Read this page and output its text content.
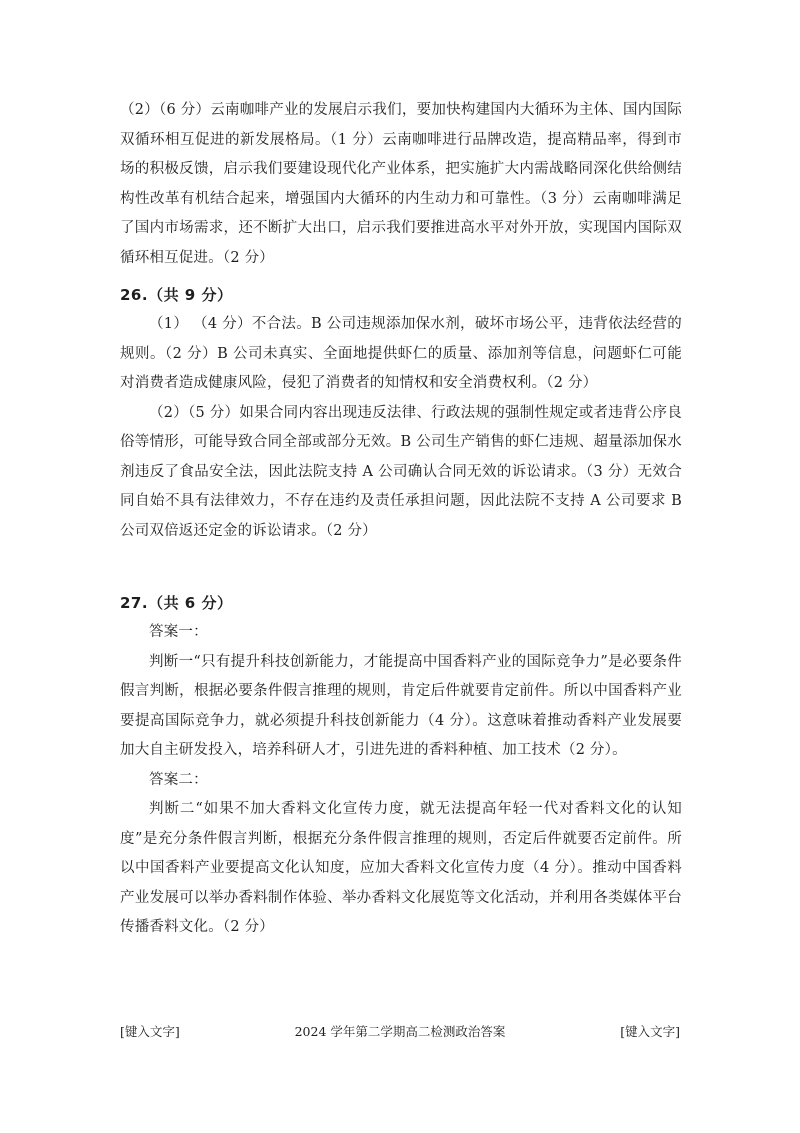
（2）（6 分）云南咖啡产业的发展启示我们，要加快构建国内大循环为主体、国内国际双循环相互促进的新发展格局。（1 分）云南咖啡进行品牌改造，提高精品率，得到市场的积极反馈，启示我们要建设现代化产业体系，把实施扩大内需战略同深化供给侧结构性改革有机结合起来，增强国内大循环的内生动力和可靠性。（3 分）云南咖啡满足了国内市场需求，还不断扩大出口，启示我们要推进高水平对外开放，实现国内国际双循环相互促进。（2 分）

26.（共 9 分）

（1） （4 分）不合法。B 公司违规添加保水剂，破坏市场公平，违背依法经营的规则。（2 分）B 公司未真实、全面地提供虾仁的质量、添加剂等信息，问题虾仁可能对消费者造成健康风险，侵犯了消费者的知情权和安全消费权利。（2 分）

（2）（5 分）如果合同内容出现违反法律、行政法规的强制性规定或者违背公序良俗等情形，可能导致合同全部或部分无效。B 公司生产销售的虾仁违规、超量添加保水剂违反了食品安全法，因此法院支持 A 公司确认合同无效的诉讼请求。（3 分）无效合同自始不具有法律效力，不存在违约及责任承担问题，因此法院不支持 A 公司要求 B 公司双倍返还定金的诉讼请求。（2 分）

27.（共 6 分）

答案一：

判断一“只有提升科技创新能力，才能提高中国香料产业的国际竞争力”是必要条件假言判断，根据必要条件假言推理的规则，肯定后件就要肯定前件。所以中国香料产业要提高国际竞争力，就必须提升科技创新能力（4 分）。这意味着推动香料产业发展要加大自主研发投入，培养科研人才，引进先进的香料种植、加工技术（2 分）。

答案二：

判断二“如果不加大香料文化宣传力度，就无法提高年轻一代对香料文化的认知度”是充分条件假言判断，根据充分条件假言推理的规则，否定后件就要否定前件。所以中国香料产业要提高文化认知度，应加大香料文化宣传力度（4 分）。推动中国香料产业发展可以举办香料制作体验、举办香料文化展览等文化活动，并利用各类媒体平台传播香料文化。（2 分）

[键入文字]	2024 学年第二学期高二检测政治答案	[键入文字]
